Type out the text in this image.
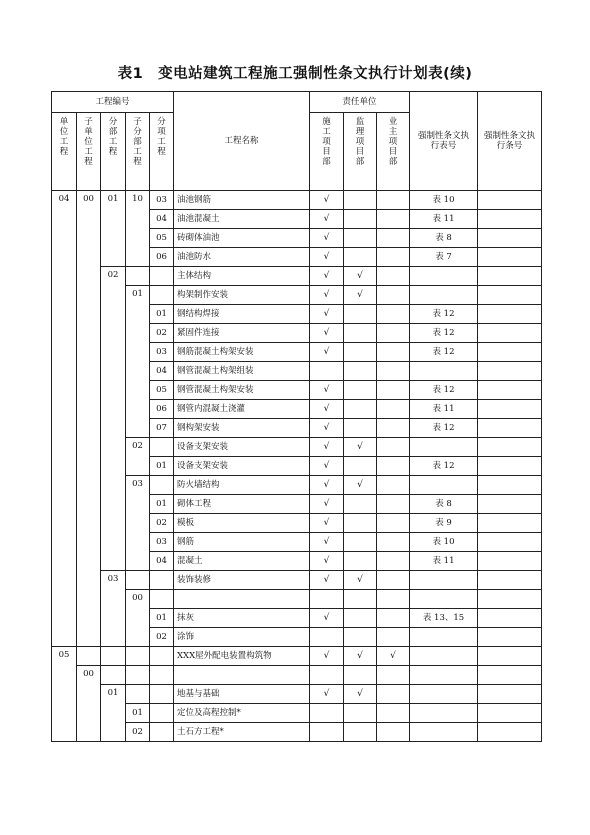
表1　变电站建筑工程施工强制性条文执行计划表(续)
工程编号					工程名称	责任单位			强制性条文执行表号	强制性条文执行条号
单位工程	子单位工程	分部工程	子分部工程	分项工程		施工项目部	监理项目部	业主项目部		
04	00	01	10	03	油池钢筋	√			表 10	
				04	油池混凝土	√			表 11	
				05	砖砌体油池	√			表 8	
				06	油池防水	√			表 7	
		02			主体结构	√	√			
			01		构架制作安装	√	√			
				01	钢结构焊接	√			表 12	
				02	紧固件连接	√			表 12	
				03	钢筋混凝土构架安装	√			表 12	
				04	钢管混凝土构架组装					
				05	钢管混凝土构架安装	√			表 12	
				06	钢管内混凝土浇灌	√			表 11	
				07	钢构架安装	√			表 12	
			02		设备支架安装	√	√			
				01	设备支架安装	√			表 12	
			03		防火墙结构	√	√			
				01	砌体工程	√			表 8	
				02	模板	√			表 9	
				03	钢筋	√			表 10	
				04	混凝土	√			表 11	
		03			装饰装修	√	√			
			00							
				01	抹灰	√			表 13、15	
				02	涂饰					
05					XXX屋外配电装置构筑物	√	√	√		
	00									
		01			地基与基础	√	√			
			01		定位及高程控制*					
			02		土石方工程*					
